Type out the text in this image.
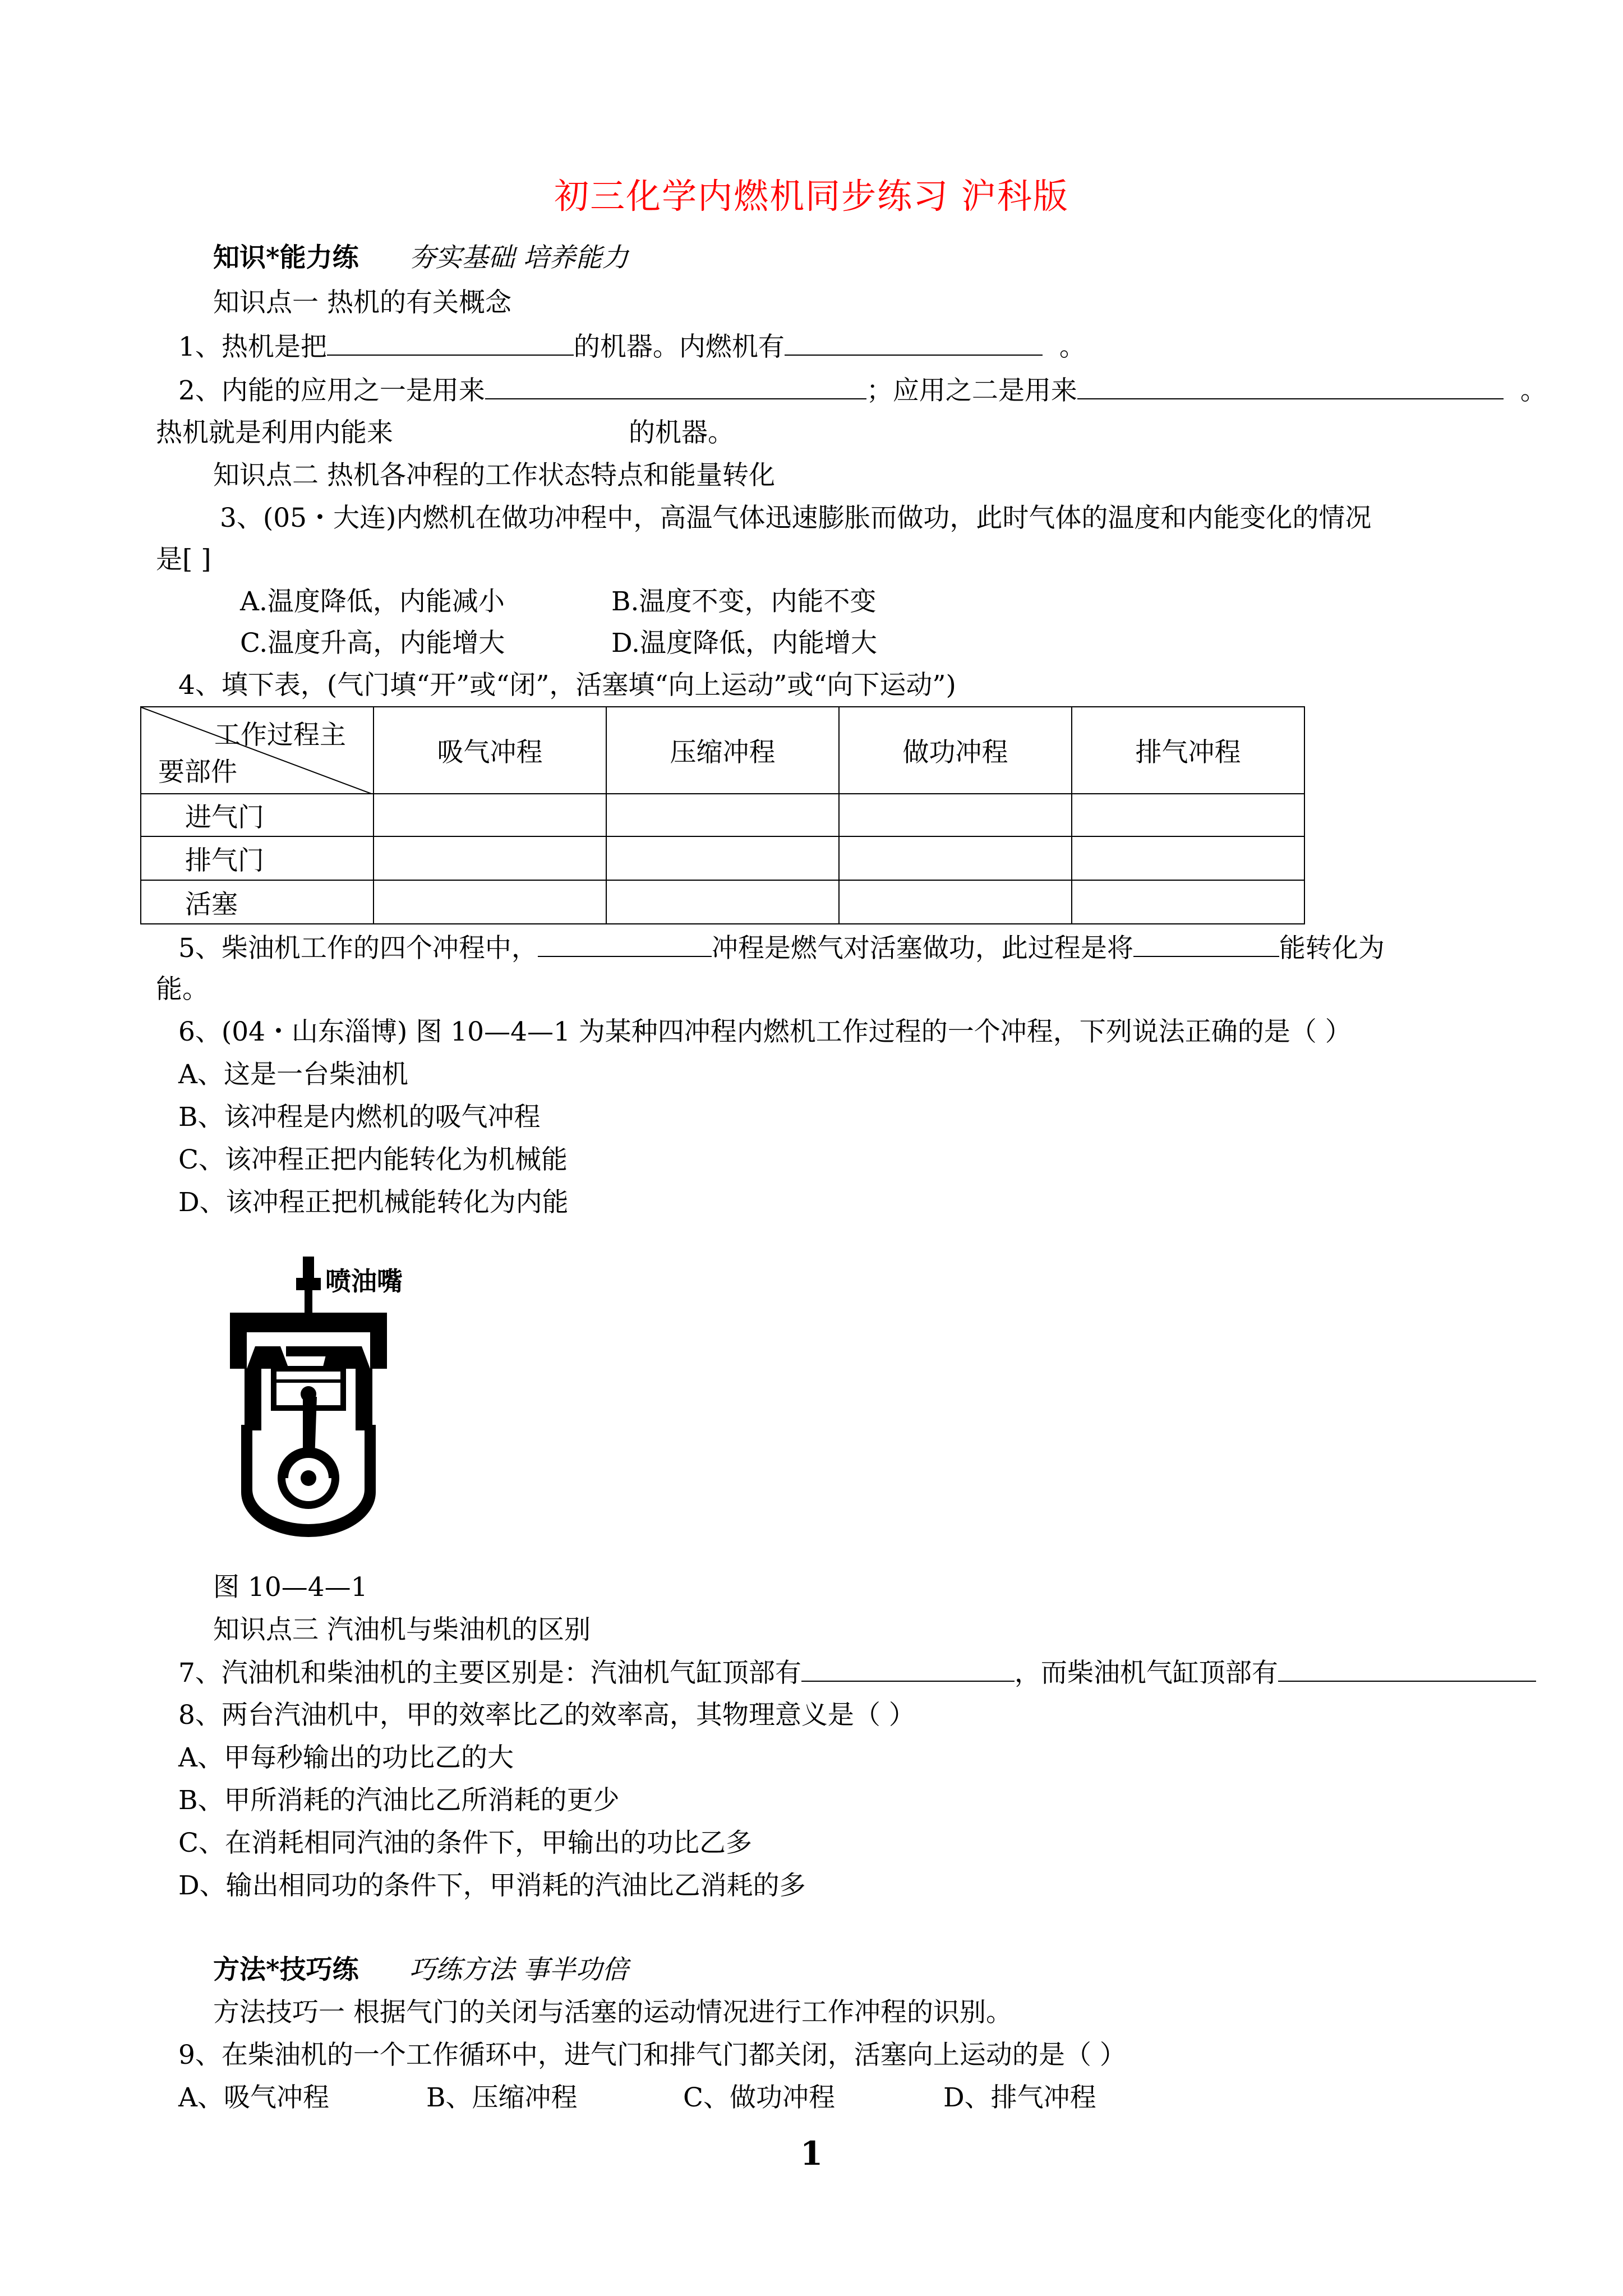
初三化学内燃机同步练习 沪科版
知识*能力练 夯实基础 培养能力
知识点一 热机的有关概念
1、热机是把	的机器。内燃机有	。
2、内能的应用之一是用来	；应用之二是用来	。
热机就是利用内能来	的机器。
知识点二 热机各冲程的工作状态特点和能量转化
3、(05・大连)内燃机在做功冲程中，高温气体迅速膨胀而做功，此时气体的温度和内能变化的情况
是[ ]
A.温度降低，内能减小	B.温度不变，内能不变
C.温度升高，内能增大	D.温度降低，内能增大
4、填下表，(气门填“开”或“闭”，活塞填“向上运动”或“向下运动”)
工作过程主
要部件	吸气冲程	压缩冲程	做功冲程	排气冲程
进气门				
排气门				
活塞				
5、柴油机工作的四个冲程中，	冲程是燃气对活塞做功，此过程是将	能转化为
能。
6、(04・山东淄博) 图 10—4—1 为某种四冲程内燃机工作过程的一个冲程，下列说法正确的是（ ）
A、这是一台柴油机
B、该冲程是内燃机的吸气冲程
C、该冲程正把内能转化为机械能
D、该冲程正把机械能转化为内能
喷油嘴
图 10—4—1
知识点三 汽油机与柴油机的区别
7、汽油机和柴油机的主要区别是：汽油机气缸顶部有	，而柴油机气缸顶部有
8、两台汽油机中，甲的效率比乙的效率高，其物理意义是（ ）
A、甲每秒输出的功比乙的大
B、甲所消耗的汽油比乙所消耗的更少
C、在消耗相同汽油的条件下，甲输出的功比乙多
D、输出相同功的条件下，甲消耗的汽油比乙消耗的多
方法*技巧练 巧练方法 事半功倍
方法技巧一 根据气门的关闭与活塞的运动情况进行工作冲程的识别。
9、在柴油机的一个工作循环中，进气门和排气门都关闭，活塞向上运动的是（ ）
A、吸气冲程	B、压缩冲程	C、做功冲程	D、排气冲程
1
